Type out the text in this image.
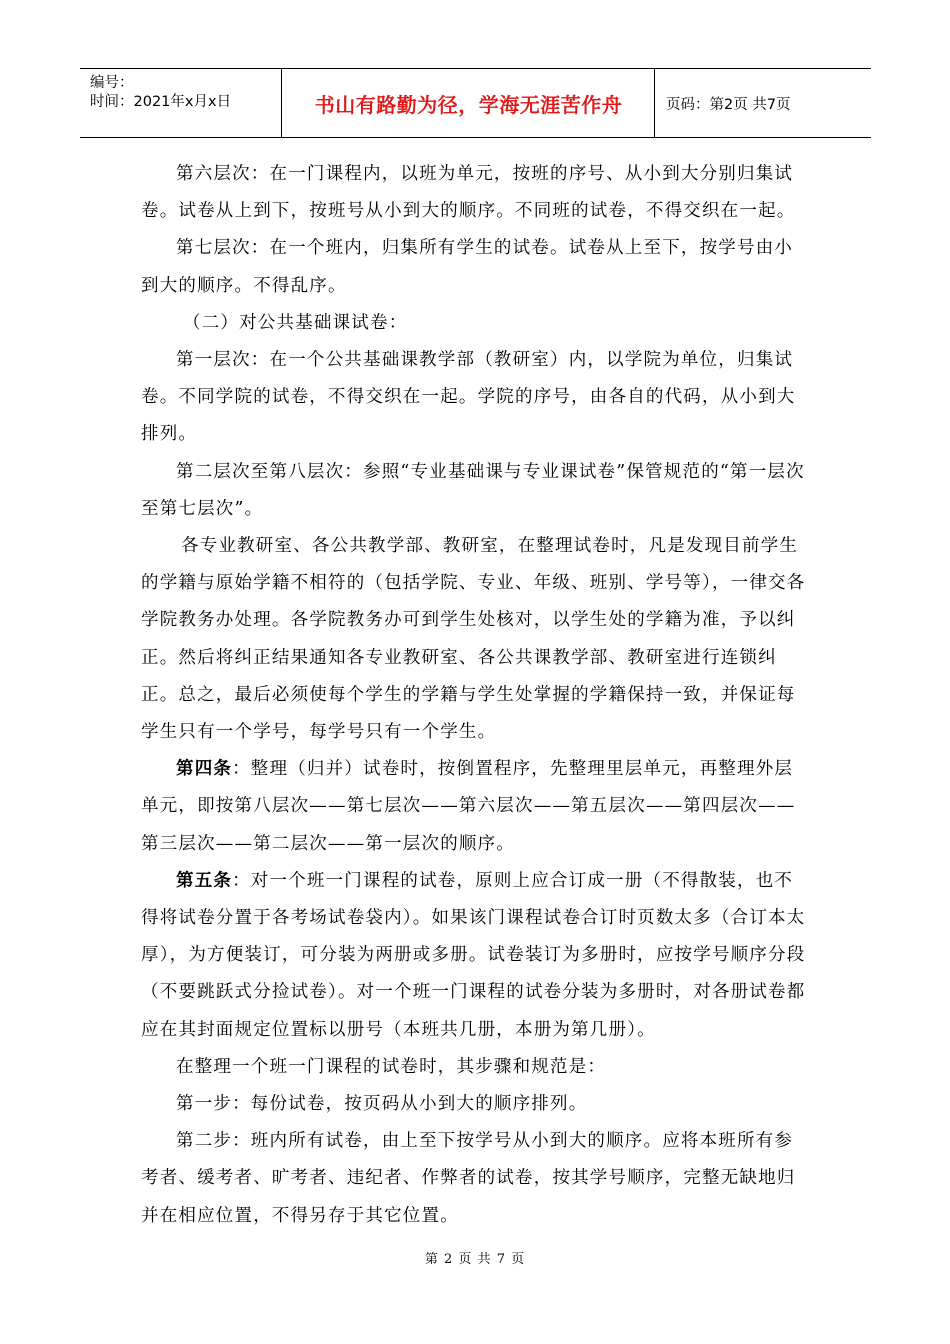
编号：
时间：2021年x月x日	书山有路勤为径，学海无涯苦作舟	页码：第2页 共7页

第六层次：在一门课程内，以班为单元，按班的序号、从小到大分别归集试卷。试卷从上到下，按班号从小到大的顺序。不同班的试卷，不得交织在一起。

第七层次：在一个班内，归集所有学生的试卷。试卷从上至下，按学号由小到大的顺序。不得乱序。

（二）对公共基础课试卷：

第一层次：在一个公共基础课教学部（教研室）内，以学院为单位，归集试卷。不同学院的试卷，不得交织在一起。学院的序号，由各自的代码，从小到大排列。

第二层次至第八层次：参照“专业基础课与专业课试卷”保管规范的“第一层次至第七层次”。

各专业教研室、各公共教学部、教研室，在整理试卷时，凡是发现目前学生的学籍与原始学籍不相符的（包括学院、专业、年级、班别、学号等），一律交各学院教务办处理。各学院教务办可到学生处核对，以学生处的学籍为准，予以纠正。然后将纠正结果通知各专业教研室、各公共课教学部、教研室进行连锁纠正。总之，最后必须使每个学生的学籍与学生处掌握的学籍保持一致，并保证每学生只有一个学号，每学号只有一个学生。

第四条：整理（归并）试卷时，按倒置程序，先整理里层单元，再整理外层单元，即按第八层次——第七层次——第六层次——第五层次——第四层次——第三层次——第二层次——第一层次的顺序。

第五条：对一个班一门课程的试卷，原则上应合订成一册（不得散装，也不得将试卷分置于各考场试卷袋内）。如果该门课程试卷合订时页数太多（合订本太厚），为方便装订，可分装为两册或多册。试卷装订为多册时，应按学号顺序分段（不要跳跃式分捡试卷）。对一个班一门课程的试卷分装为多册时，对各册试卷都应在其封面规定位置标以册号（本班共几册，本册为第几册）。

在整理一个班一门课程的试卷时，其步骤和规范是：

第一步：每份试卷，按页码从小到大的顺序排列。

第二步：班内所有试卷，由上至下按学号从小到大的顺序。应将本班所有参考者、缓考者、旷考者、违纪者、作弊者的试卷，按其学号顺序，完整无缺地归并在相应位置，不得另存于其它位置。

第 2 页 共 7 页
